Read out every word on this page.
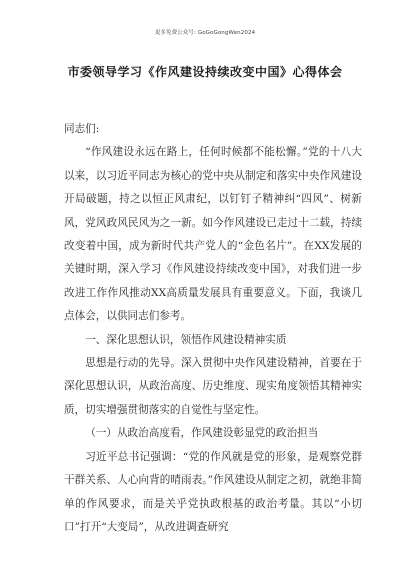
更多免费公众号: GoGoGongWen2024
市委领导学习《作风建设持续改变中国》心得体会

同志们:

“作风建设永远在路上，任何时候都不能松懈。”党的十八大以来，以习近平同志为核心的党中央从制定和落实中央作风建设开局破题，持之以恒正风肃纪，以钉钉子精神纠“四风”、树新风，党风政风民风为之一新。如今作风建设已走过十二载，持续改变着中国，成为新时代共产党人的“金色名片”。在XX发展的关键时期，深入学习《作风建设持续改变中国》，对我们进一步改进工作作风推动XX高质量发展具有重要意义。下面，我谈几点体会，以供同志们参考。

一、深化思想认识，领悟作风建设精神实质

思想是行动的先导。深入贯彻中央作风建设精神，首要在于深化思想认识，从政治高度、历史维度、现实角度领悟其精神实质，切实增强贯彻落实的自觉性与坚定性。

（一）从政治高度看，作风建设彰显党的政治担当

习近平总书记强调：“党的作风就是党的形象，是观察党群干群关系、人心向背的晴雨表。”作风建设从制定之初，就绝非简单的作风要求，而是关乎党执政根基的政治考量。其以“小切口”打开“大变局”，从改进调查研究
